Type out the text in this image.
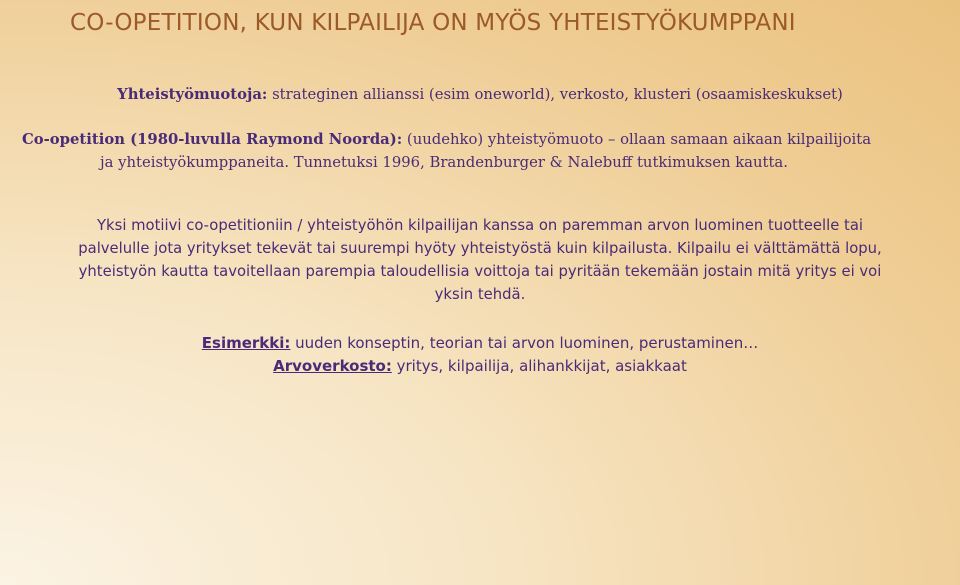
CO-OPETITION, KUN KILPAILIJA ON MYÖS YHTEISTYÖKUMPPANI
Yhteistyömuotoja: strateginen allianssi (esim oneworld), verkosto, klusteri (osaamiskeskukset)
Co-opetition (1980-luvulla Raymond Noorda): (uudehko) yhteistyömuoto – ollaan samaan aikaan kilpailijoita
ja yhteistyökumppaneita. Tunnetuksi 1996, Brandenburger & Nalebuff tutkimuksen kautta.
Yksi motiivi co-opetitioniin / yhteistyöhön kilpailijan kanssa on paremman arvon luominen tuotteelle tai
palvelulle jota yritykset tekevät tai suurempi hyöty yhteistyöstä kuin kilpailusta. Kilpailu ei välttämättä lopu,
yhteistyön kautta tavoitellaan parempia taloudellisia voittoja tai pyritään tekemään jostain mitä yritys ei voi
yksin tehdä.
Esimerkki: uuden konseptin, teorian tai arvon luominen, perustaminen…
Arvoverkosto: yritys, kilpailija, alihankkijat, asiakkaat
